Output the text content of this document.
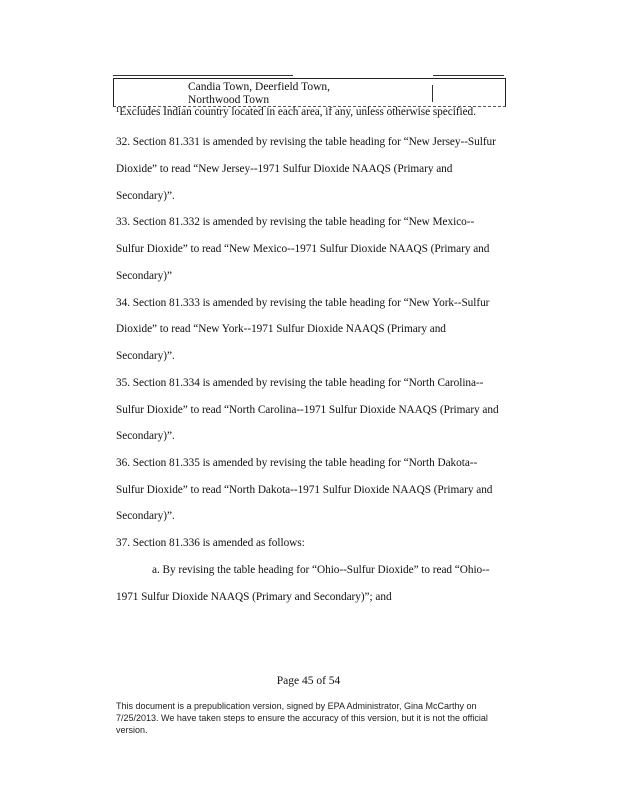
Candia Town, Deerfield Town,
Northwood Town
¹Excludes Indian country located in each area, if any, unless otherwise specified.
32. Section 81.331 is amended by revising the table heading for “New Jersey--Sulfur
Dioxide” to read “New Jersey--1971 Sulfur Dioxide NAAQS (Primary and
Secondary)”.
33. Section 81.332 is amended by revising the table heading for “New Mexico--
Sulfur Dioxide” to read “New Mexico--1971 Sulfur Dioxide NAAQS (Primary and
Secondary)”
34. Section 81.333 is amended by revising the table heading for “New York--Sulfur
Dioxide” to read “New York--1971 Sulfur Dioxide NAAQS (Primary and
Secondary)”.
35. Section 81.334 is amended by revising the table heading for “North Carolina--
Sulfur Dioxide” to read “North Carolina--1971 Sulfur Dioxide NAAQS (Primary and
Secondary)”.
36. Section 81.335 is amended by revising the table heading for “North Dakota--
Sulfur Dioxide” to read “North Dakota--1971 Sulfur Dioxide NAAQS (Primary and
Secondary)”.
37. Section 81.336 is amended as follows:
a. By revising the table heading for “Ohio--Sulfur Dioxide” to read “Ohio--
1971 Sulfur Dioxide NAAQS (Primary and Secondary)”; and
Page 45 of 54
This document is a prepublication version, signed by EPA Administrator, Gina McCarthy on
7/25/2013. We have taken steps to ensure the accuracy of this version, but it is not the official
version.
